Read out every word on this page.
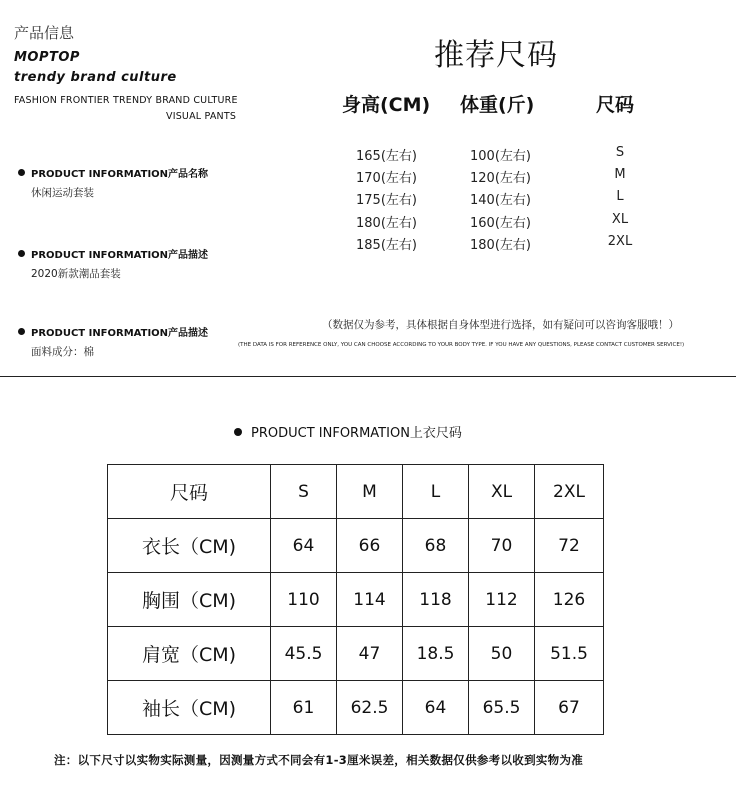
产品信息
MOPTOP
trendy brand culture
FASHION FRONTIER TRENDY BRAND CULTURE
VISUAL PANTS
PRODUCT INFORMATION产品名称
休闲运动套装
PRODUCT INFORMATION产品描述
2020新款潮品套装
PRODUCT INFORMATION产品描述
面料成分：棉
推荐尺码
身高(CM) 体重(斤)	尺码
165(左右)	100(左右)	S
170(左右)	120(左右)	M
175(左右)	140(左右)	L
180(左右)	160(左右)	XL
185(左右)	180(左右)	2XL
（数据仅为参考，具体根据自身体型进行选择，如有疑问可以咨询客服哦！）
(THE DATA IS FOR REFERENCE ONLY, YOU CAN CHOOSE ACCORDING TO YOUR BODY TYPE. IF YOU HAVE ANY QUESTIONS, PLEASE CONTACT CUSTOMER SERVICE!)
PRODUCT INFORMATION上衣尺码
尺码	S	M	L	XL	2XL
衣长（CM)	64	66	68	70	72
胸围（CM)	110	114	118	112	126
肩宽（CM)	45.5	47	18.5	50	51.5
袖长（CM)	61	62.5	64	65.5	67
注：以下尺寸以实物实际测量，因测量方式不同会有1-3厘米误差，相关数据仅供参考以收到实物为准
